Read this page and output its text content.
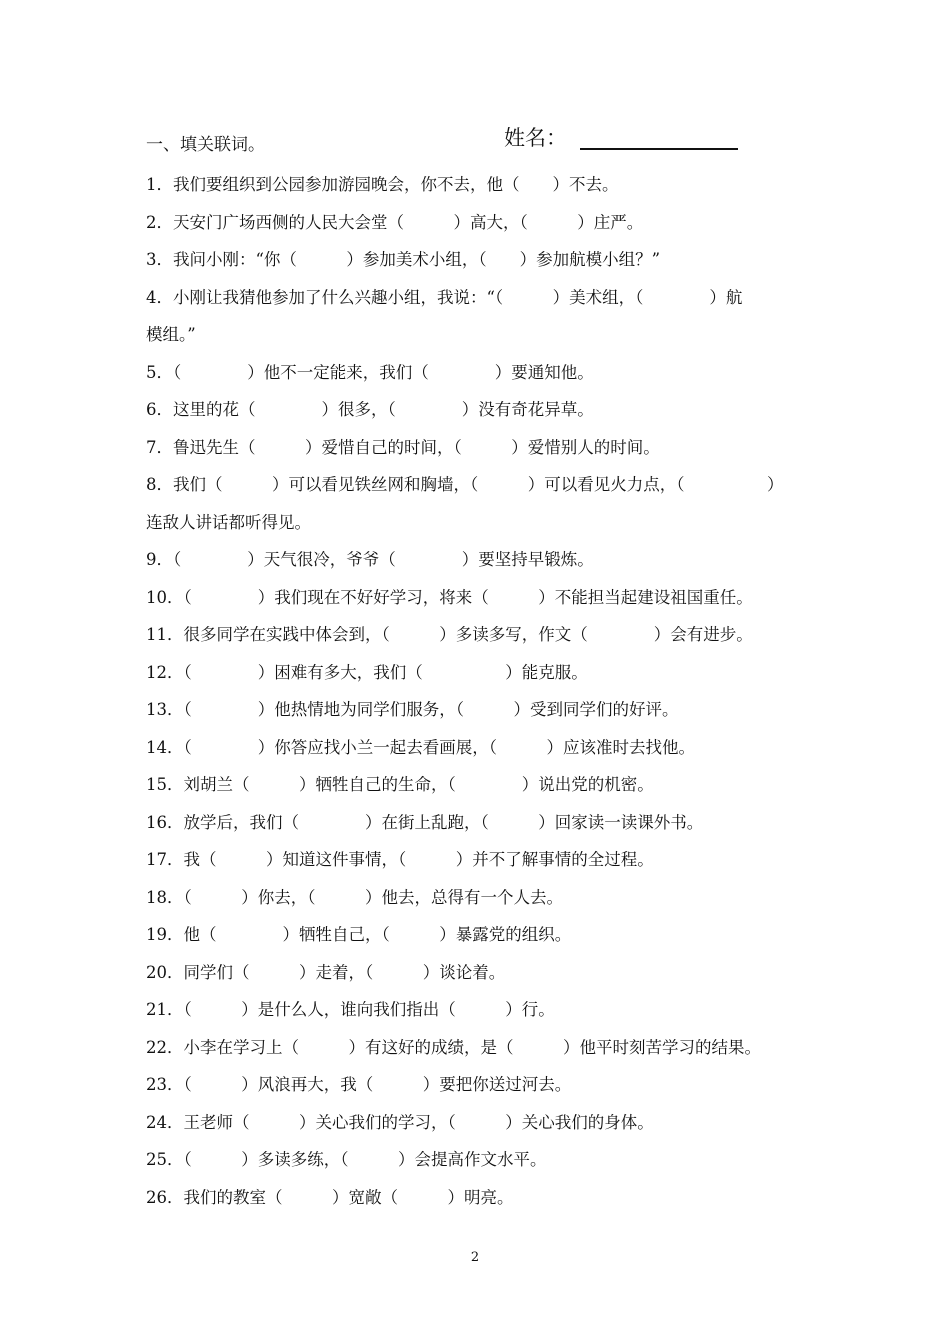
一、填关联词。	姓名：
1．我们要组织到公园参加游园晚会，你不去，他（　　）不去。
2．天安门广场西侧的人民大会堂（　　　）高大，（　　　）庄严。
3．我问小刚：“你（　　　）参加美术小组，（　　）参加航模小组？”
4．小刚让我猜他参加了什么兴趣小组，我说：“（　　　）美术组，（　　　　）航
模组。”
5．（　　　　）他不一定能来，我们（　　　　）要通知他。
6．这里的花（　　　　）很多，（　　　　）没有奇花异草。
7．鲁迅先生（　　　）爱惜自己的时间，（　　　）爱惜别人的时间。
8．我们（　　　）可以看见铁丝网和胸墙，（　　　）可以看见火力点，（　　　　　）
连敌人讲话都听得见。
9．（　　　　）天气很冷，爷爷（　　　　）要坚持早锻炼。
10．（　　　　）我们现在不好好学习，将来（　　　）不能担当起建设祖国重任。
11．很多同学在实践中体会到，（　　　）多读多写，作文（　　　　）会有进步。
12．（　　　　）困难有多大，我们（　　　　　）能克服。
13．（　　　　）他热情地为同学们服务，（　　　）受到同学们的好评。
14．（　　　　）你答应找小兰一起去看画展，（　　　）应该准时去找他。
15．刘胡兰（　　　）牺牲自己的生命，（　　　　）说出党的机密。
16．放学后，我们（　　　　）在街上乱跑，（　　　）回家读一读课外书。
17．我（　　　）知道这件事情，（　　　）并不了解事情的全过程。
18．（　　　）你去，（　　　）他去，总得有一个人去。
19．他（　　　　）牺牲自己，（　　　）暴露党的组织。
20．同学们（　　　）走着，（　　　）谈论着。
21．（　　　）是什么人，谁向我们指出（　　　）行。
22．小李在学习上（　　　）有这好的成绩，是（　　　）他平时刻苦学习的结果。
23．（　　　）风浪再大，我（　　　）要把你送过河去。
24．王老师（　　　）关心我们的学习，（　　　）关心我们的身体。
25．（　　　）多读多练，（　　　）会提高作文水平。
26．我们的教室（　　　）宽敞（　　　）明亮。
2
